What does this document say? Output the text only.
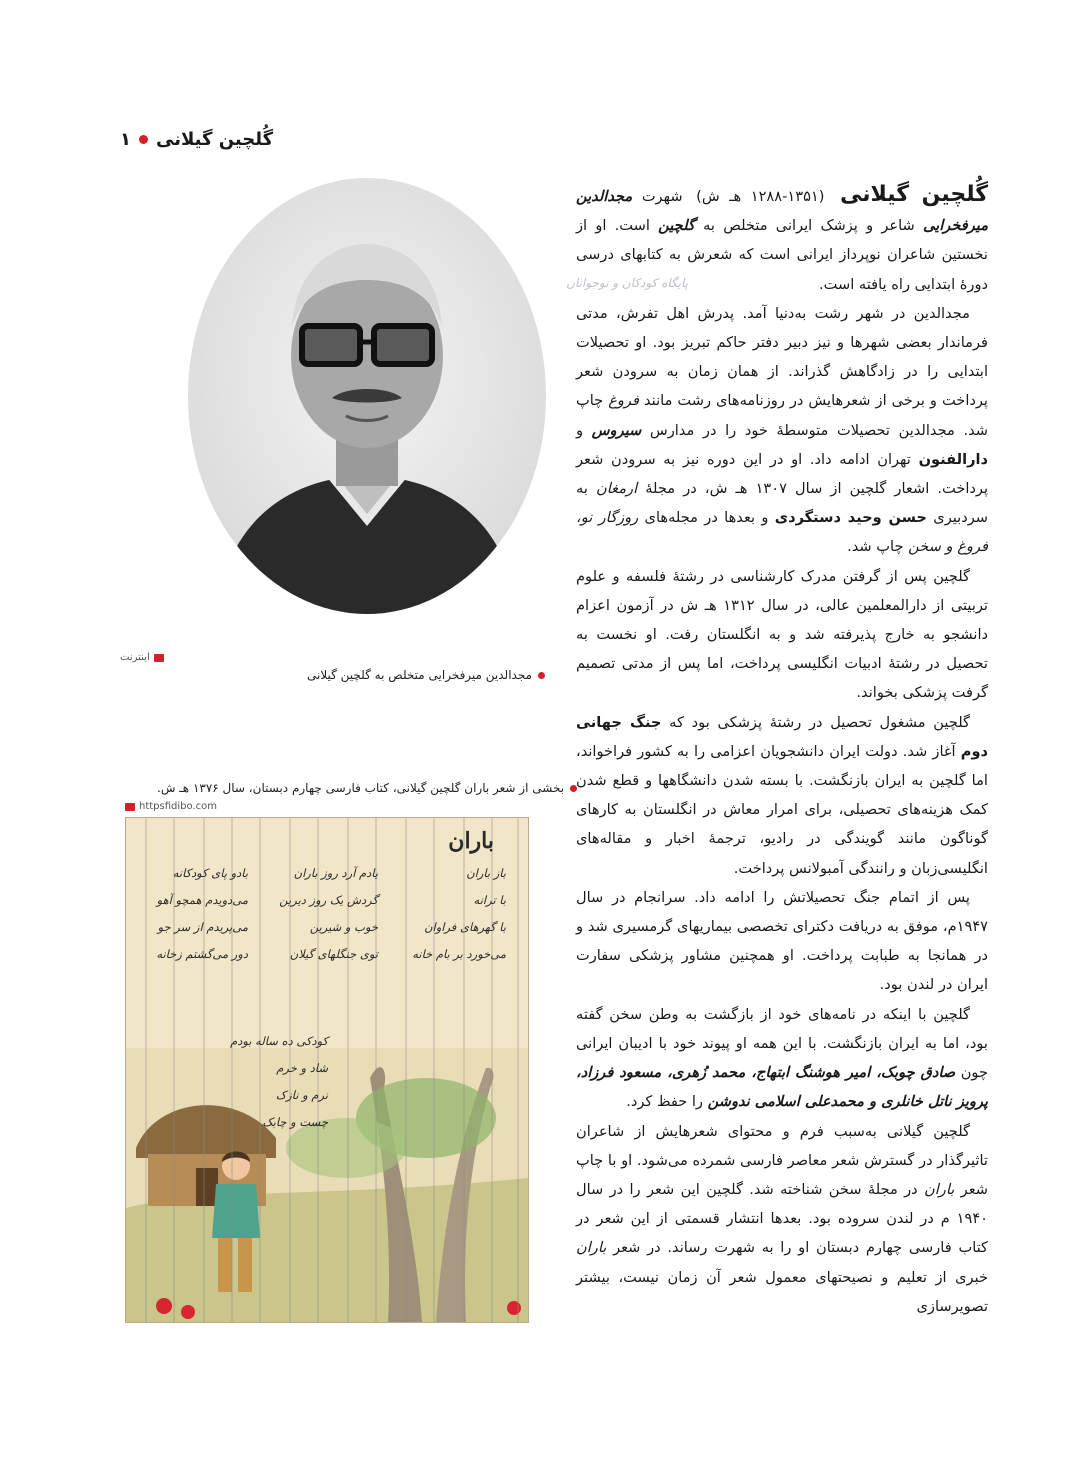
گُلچین گیلانی
۱
پایگاه کودکان و نوجوانان
اینترنت
مجدالدین میرفخرایی متخلص به گلچین گیلانی
بخشی از شعر باران گلچین گیلانی، کتاب فارسی چهارم دبستان، سال ۱۳۷۶ هـ ش.
httpsfidibo.com
باران
باز باران
با ترانه
با گهرهای فراوان
می‌خورد بر بام خانه
یادم آرد روز باران
گردش یک روز دیرین
خوب و شیرین
توی جنگلهای گیلان
بادو پای کودکانه
می‌دویدم همچو آهو
می‌پریدم از سر جو
دور می‌گشتم زخانه
کودکی ده ساله بودم
شاد و خرم
نرم و نازک
چست و چابک

گُلچین گیلانی (۱۳۵۱-۱۲۸۸ هـ ش) شهرت مجدالدین میرفخرایی شاعر و پزشک ایرانی متخلص به گلچین است. او از نخستین شاعران نوپرداز ایرانی است که شعرش به کتابهای درسی دورهٔ ابتدایی راه یافته است.

مجدالدین در شهر رشت به‌دنیا آمد. پدرش اهل تفرش، مدتی فرماندار بعضی شهرها و نیز دبیر دفتر حاکم تبریز بود. او تحصیلات ابتدایی را در زادگاهش گذراند. از همان زمان به سرودن شعر پرداخت و برخی از شعرهایش در روزنامه‌های رشت مانند فروغ چاپ شد. مجدالدین تحصیلات متوسطهٔ خود را در مدارس سیروس و دارالفنون تهران ادامه داد. او در این دوره نیز به سرودن شعر پرداخت. اشعار گلچین از سال ۱۳۰۷ هـ ش، در مجلهٔ ارمغان به سردبیری حسن وحید دستگردی و بعدها در مجله‌های روزگار نو، فروغ و سخن چاپ شد.

گلچین پس از گرفتن مدرک کارشناسی در رشتهٔ فلسفه و علوم تربیتی از دارالمعلمین عالی، در سال ۱۳۱۲ هـ ش در آزمون اعزام دانشجو به خارج پذیرفته شد و به انگلستان رفت. او نخست به تحصیل در رشتهٔ ادبیات انگلیسی پرداخت، اما پس از مدتی تصمیم گرفت پزشکی بخواند.

گلچین مشغول تحصیل در رشتهٔ پزشکی بود که جنگ جهانی دوم آغاز شد. دولت ایران دانشجویان اعزامی را به کشور فراخواند، اما گلچین به ایران بازنگشت. با بسته شدن دانشگاهها و قطع شدن کمک هزینه‌های تحصیلی، برای امرار معاش در انگلستان به کارهای گوناگون مانند گویندگی در رادیو، ترجمهٔ اخبار و مقاله‌های انگلیسی‌زبان و رانندگی آمبولانس پرداخت.

پس از اتمام جنگ تحصیلاتش را ادامه داد. سرانجام در سال ۱۹۴۷م، موفق به دریافت دکترای تخصصی بیماریهای گرمسیری شد و در همانجا به طبابت پرداخت. او همچنین مشاور پزشکی سفارت ایران در لندن بود.

گلچین با اینکه در نامه‌های خود از بازگشت به وطن سخن گفته بود، اما به ایران بازنگشت. با این همه او پیوند خود با ادیبان ایرانی چون صادق چوبک، امیر هوشنگ ابتهاج، محمد زُهری، مسعود فرزاد، پرویز ناتل خانلری و محمدعلی اسلامی ندوشن را حفظ کرد.

گلچین گیلانی به‌سبب فرم و محتوای شعرهایش از شاعران تاثیرگذار در گسترش شعر معاصر فارسی شمرده می‌شود. او با چاپ شعر باران در مجلهٔ سخن شناخته شد. گلچین این شعر را در سال ۱۹۴۰ م در لندن سروده بود. بعدها انتشار قسمتی از این شعر در کتاب فارسی چهارم دبستان او را به شهرت رساند. در شعر باران خبری از تعلیم و نصیحتهای معمول شعر آن زمان نیست، بیشتر تصویرسازی
